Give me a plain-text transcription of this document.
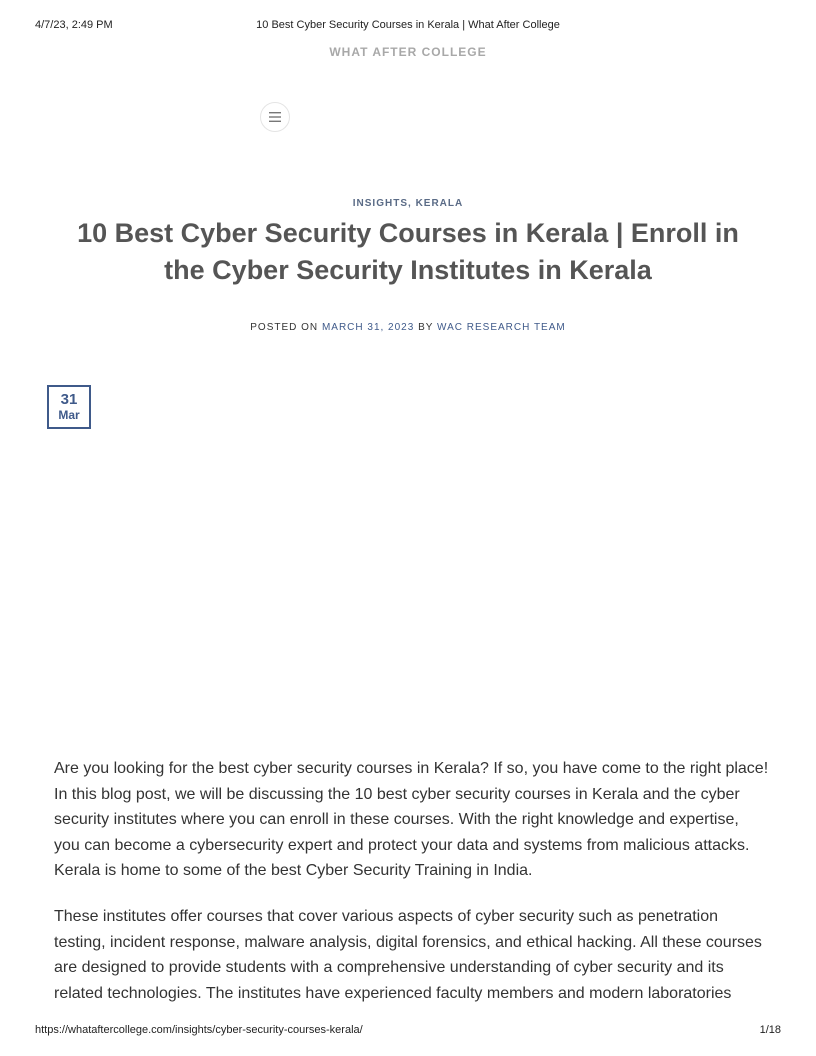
4/7/23, 2:49 PM	10 Best Cyber Security Courses in Kerala | What After College
WHAT AFTER COLLEGE
INSIGHTS, KERALA
10 Best Cyber Security Courses in Kerala | Enroll in the Cyber Security Institutes in Kerala
POSTED ON MARCH 31, 2023 BY WAC RESEARCH TEAM
31
Mar

Are you looking for the best cyber security courses in Kerala? If so, you have come to the right place! In this blog post, we will be discussing the 10 best cyber security courses in Kerala and the cyber security institutes where you can enroll in these courses. With the right knowledge and expertise, you can become a cybersecurity expert and protect your data and systems from malicious attacks. Kerala is home to some of the best Cyber Security Training in India.

These institutes offer courses that cover various aspects of cyber security such as penetration testing, incident response, malware analysis, digital forensics, and ethical hacking. All these courses are designed to provide students with a comprehensive understanding of cyber security and its related technologies. The institutes have experienced faculty members and modern laboratories

https://whataftercollege.com/insights/cyber-security-courses-kerala/	1/18
